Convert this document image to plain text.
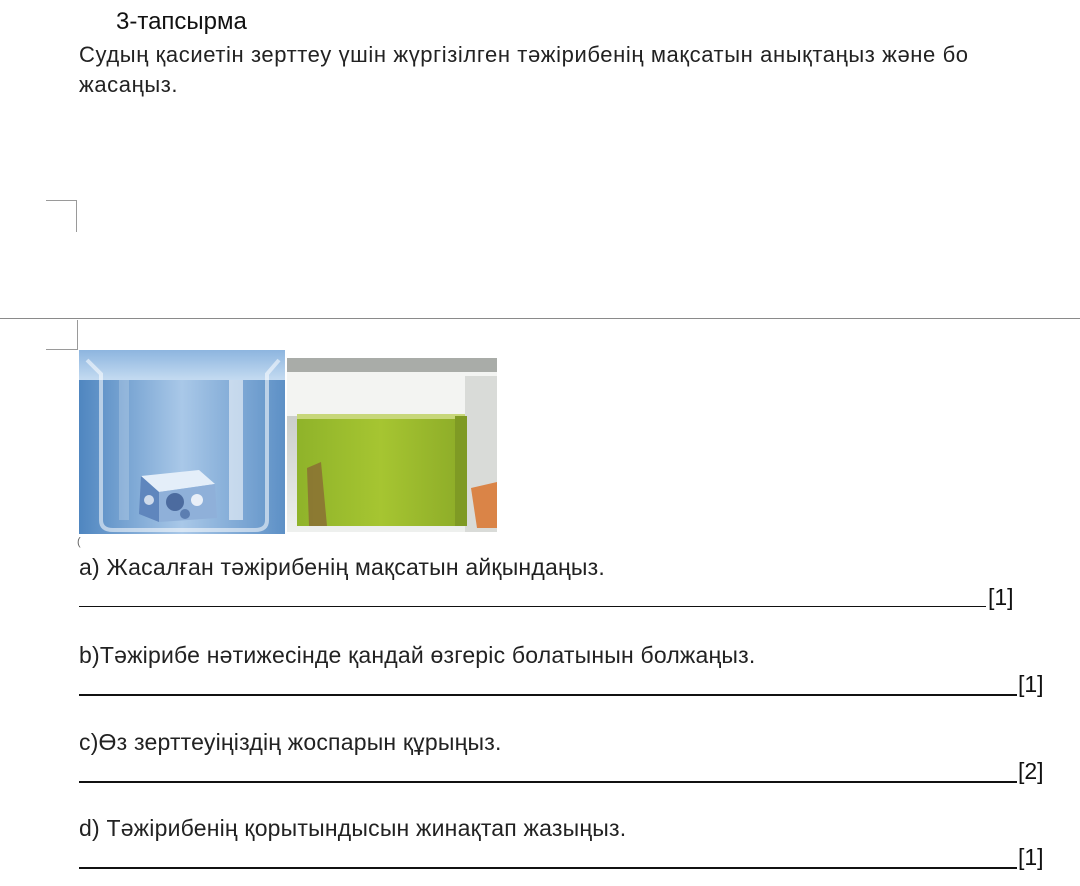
3-тапсырма
Судың қасиетін зерттеу үшін жүргізілген тәжірибенің мақсатын анықтаңыз және бо
жасаңыз.
(
a) Жасалған тәжірибенің мақсатын айқындаңыз.
[1]
b)Тәжірибе нәтижесінде қандай өзгеріс болатынын болжаңыз.
[1]
c)Өз зерттеуіңіздің жоспарын құрыңыз.
[2]
d) Тәжірибенің қорытындысын жинақтап жазыңыз.
[1]
